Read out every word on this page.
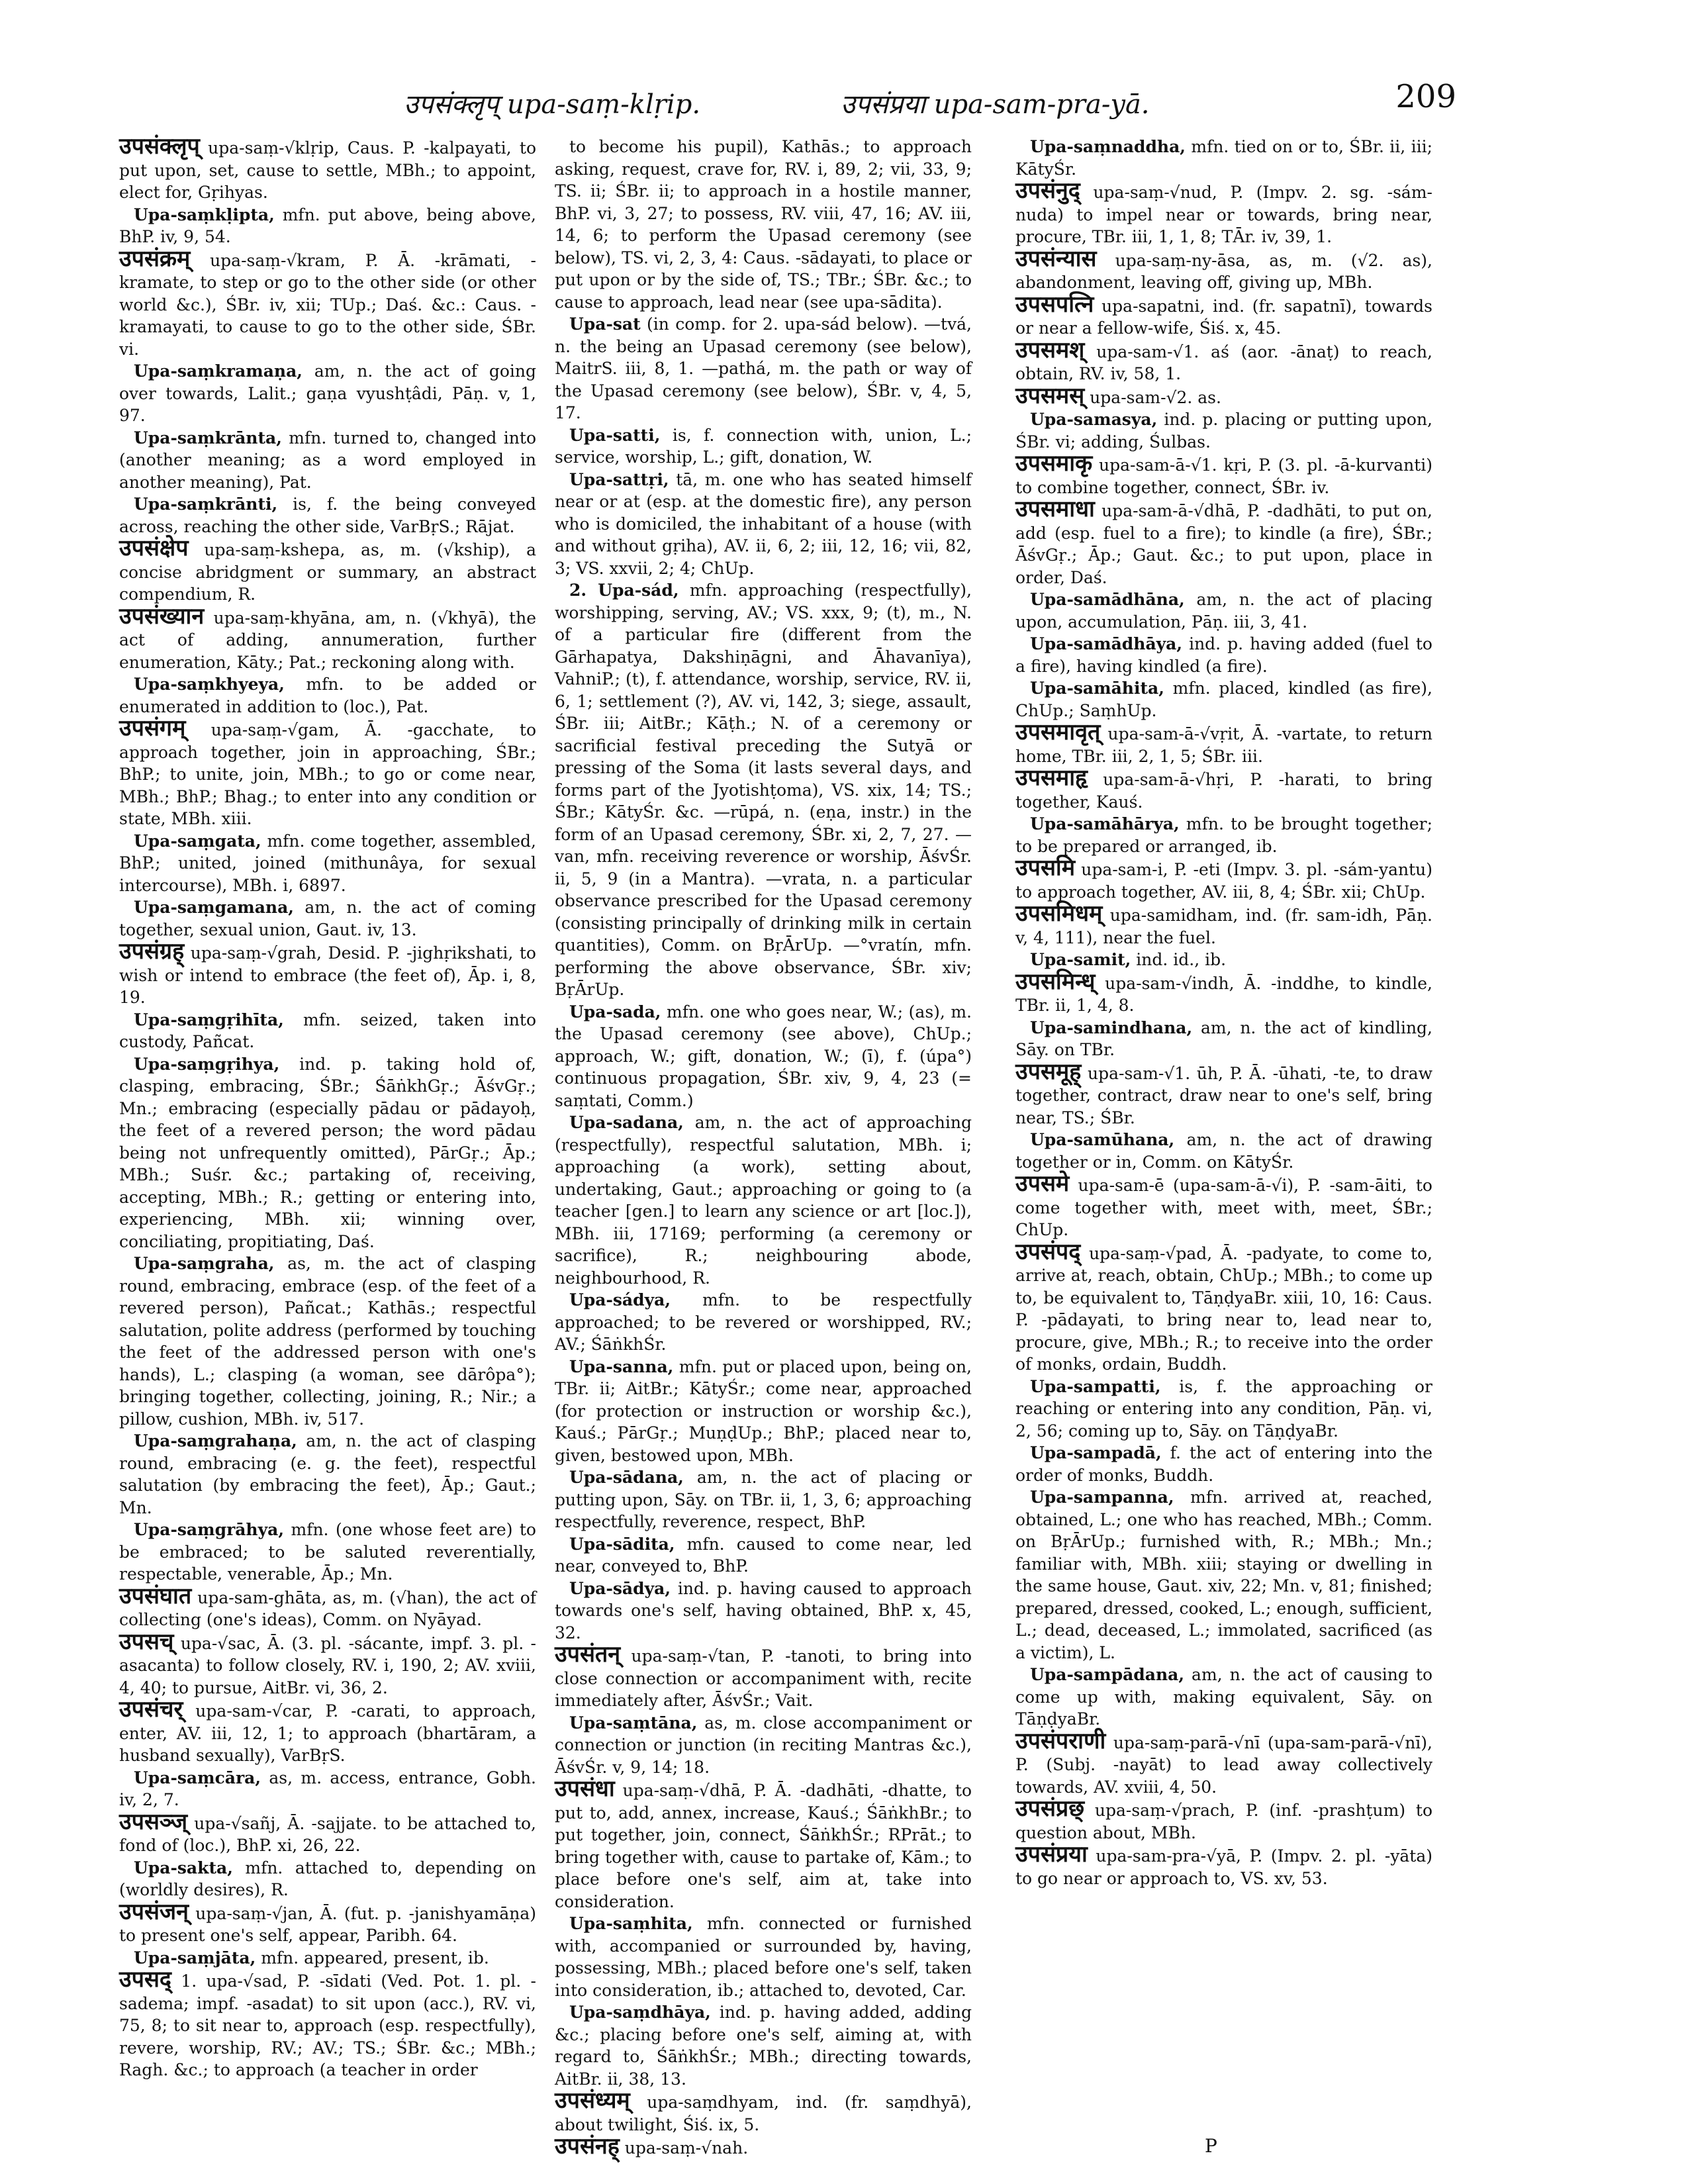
उपसंक्लृप् upa-saṃ-klṛip.	उपसंप्रया upa-sam-pra-yā.	209

उपसंक्लृप् upa-saṃ-√klṛip, Caus. P. -kalpayati, to put upon, set, cause to settle, MBh.; to appoint, elect for, Gṛihyas.

Upa-saṃkḷipta, mfn. put above, being above, BhP. iv, 9, 54.

उपसंक्रम् upa-saṃ-√kram, P. Ā. -krāmati, -kramate, to step or go to the other side (or other world &c.), ŚBr. iv, xii; TUp.; Daś. &c.: Caus. -kramayati, to cause to go to the other side, ŚBr. vi.

Upa-saṃkramaṇa, am, n. the act of going over towards, Lalit.; gaṇa vyushṭâdi, Pāṇ. v, 1, 97.

Upa-saṃkrānta, mfn. turned to, changed into (another meaning; as a word employed in another meaning), Pat.

Upa-saṃkrānti, is, f. the being conveyed across, reaching the other side, VarBṛS.; Rājat.

उपसंक्षेप upa-saṃ-kshepa, as, m. (√kship), a concise abridgment or summary, an abstract compendium, R.

उपसंख्यान upa-saṃ-khyāna, am, n. (√khyā), the act of adding, annumeration, further enumeration, Kāty.; Pat.; reckoning along with.

Upa-saṃkhyeya, mfn. to be added or enumerated in addition to (loc.), Pat.

उपसंगम् upa-saṃ-√gam, Ā. -gacchate, to approach together, join in approaching, ŚBr.; BhP.; to unite, join, MBh.; to go or come near, MBh.; BhP.; Bhag.; to enter into any condition or state, MBh. xiii.

Upa-saṃgata, mfn. come together, assembled, BhP.; united, joined (mithunâya, for sexual intercourse), MBh. i, 6897.

Upa-saṃgamana, am, n. the act of coming together, sexual union, Gaut. iv, 13.

उपसंग्रह् upa-saṃ-√grah, Desid. P. -jighṛikshati, to wish or intend to embrace (the feet of), Āp. i, 8, 19.

Upa-saṃgṛihīta, mfn. seized, taken into custody, Pañcat.

Upa-saṃgṛihya, ind. p. taking hold of, clasping, embracing, ŚBr.; ŚāṅkhGṛ.; ĀśvGṛ.; Mn.; embracing (especially pādau or pādayoḥ, the feet of a revered person; the word pādau being not unfrequently omitted), PārGṛ.; Āp.; MBh.; Suśr. &c.; partaking of, receiving, accepting, MBh.; R.; getting or entering into, experiencing, MBh. xii; winning over, conciliating, propitiating, Daś.

Upa-saṃgraha, as, m. the act of clasping round, embracing, embrace (esp. of the feet of a revered person), Pañcat.; Kathās.; respectful salutation, polite address (performed by touching the feet of the addressed person with one's hands), L.; clasping (a woman, see dārôpa°); bringing together, collecting, joining, R.; Nir.; a pillow, cushion, MBh. iv, 517.

Upa-saṃgrahaṇa, am, n. the act of clasping round, embracing (e. g. the feet), respectful salutation (by embracing the feet), Āp.; Gaut.; Mn.

Upa-saṃgrāhya, mfn. (one whose feet are) to be embraced; to be saluted reverentially, respectable, venerable, Āp.; Mn.

उपसंघात upa-sam-ghāta, as, m. (√han), the act of collecting (one's ideas), Comm. on Nyāyad.

उपसच् upa-√sac, Ā. (3. pl. -sácante, impf. 3. pl. -asacanta) to follow closely, RV. i, 190, 2; AV. xviii, 4, 40; to pursue, AitBr. vi, 36, 2.

उपसंचर् upa-sam-√car, P. -carati, to approach, enter, AV. iii, 12, 1; to approach (bhartāram, a husband sexually), VarBṛS.

Upa-saṃcāra, as, m. access, entrance, Gobh. iv, 2, 7.

उपसञ्ज् upa-√sañj, Ā. -sajjate. to be attached to, fond of (loc.), BhP. xi, 26, 22.

Upa-sakta, mfn. attached to, depending on (worldly desires), R.

उपसंजन् upa-saṃ-√jan, Ā. (fut. p. -janishyamāṇa) to present one's self, appear, Paribh. 64.

Upa-saṃjāta, mfn. appeared, present, ib.

उपसद् 1. upa-√sad, P. -sīdati (Ved. Pot. 1. pl. -sadema; impf. -asadat) to sit upon (acc.), RV. vi, 75, 8; to sit near to, approach (esp. respectfully), revere, worship, RV.; AV.; TS.; ŚBr. &c.; MBh.; Ragh. &c.; to approach (a teacher in order

to become his pupil), Kathās.; to approach asking, request, crave for, RV. i, 89, 2; vii, 33, 9; TS. ii; ŚBr. ii; to approach in a hostile manner, BhP. vi, 3, 27; to possess, RV. viii, 47, 16; AV. iii, 14, 6; to perform the Upasad ceremony (see below), TS. vi, 2, 3, 4: Caus. -sādayati, to place or put upon or by the side of, TS.; TBr.; ŚBr. &c.; to cause to approach, lead near (see upa-sādita).

Upa-sat (in comp. for 2. upa-sád below). —tvá, n. the being an Upasad ceremony (see below), MaitrS. iii, 8, 1. —pathá, m. the path or way of the Upasad ceremony (see below), ŚBr. v, 4, 5, 17.

Upa-satti, is, f. connection with, union, L.; service, worship, L.; gift, donation, W.

Upa-sattṛi, tā, m. one who has seated himself near or at (esp. at the domestic fire), any person who is domiciled, the inhabitant of a house (with and without gṛiha), AV. ii, 6, 2; iii, 12, 16; vii, 82, 3; VS. xxvii, 2; 4; ChUp.

2. Upa-sád, mfn. approaching (respectfully), worshipping, serving, AV.; VS. xxx, 9; (t), m., N. of a particular fire (different from the Gārhapatya, Dakshiṇāgni, and Āhavanīya), VahniP.; (t), f. attendance, worship, service, RV. ii, 6, 1; settlement (?), AV. vi, 142, 3; siege, assault, ŚBr. iii; AitBr.; Kāṭh.; N. of a ceremony or sacrificial festival preceding the Sutyā or pressing of the Soma (it lasts several days, and forms part of the Jyotishṭoma), VS. xix, 14; TS.; ŚBr.; KātyŚr. &c. —rūpá, n. (eṇa, instr.) in the form of an Upasad ceremony, ŚBr. xi, 2, 7, 27. —van, mfn. receiving reverence or worship, ĀśvŚr. ii, 5, 9 (in a Mantra). —vrata, n. a particular observance prescribed for the Upasad ceremony (consisting principally of drinking milk in certain quantities), Comm. on BṛĀrUp. —°vratín, mfn. performing the above observance, ŚBr. xiv; BṛĀrUp.

Upa-sada, mfn. one who goes near, W.; (as), m. the Upasad ceremony (see above), ChUp.; approach, W.; gift, donation, W.; (ī), f. (úpa°) continuous propagation, ŚBr. xiv, 9, 4, 23 (= saṃtati, Comm.)

Upa-sadana, am, n. the act of approaching (respectfully), respectful salutation, MBh. i; approaching (a work), setting about, undertaking, Gaut.; approaching or going to (a teacher [gen.] to learn any science or art [loc.]), MBh. iii, 17169; performing (a ceremony or sacrifice), R.; neighbouring abode, neighbourhood, R.

Upa-sádya, mfn. to be respectfully approached; to be revered or worshipped, RV.; AV.; ŚāṅkhŚr.

Upa-sanna, mfn. put or placed upon, being on, TBr. ii; AitBr.; KātyŚr.; come near, approached (for protection or instruction or worship &c.), Kauś.; PārGṛ.; MuṇḍUp.; BhP.; placed near to, given, bestowed upon, MBh.

Upa-sādana, am, n. the act of placing or putting upon, Sāy. on TBr. ii, 1, 3, 6; approaching respectfully, reverence, respect, BhP.

Upa-sādita, mfn. caused to come near, led near, conveyed to, BhP.

Upa-sādya, ind. p. having caused to approach towards one's self, having obtained, BhP. x, 45, 32.

उपसंतन् upa-saṃ-√tan, P. -tanoti, to bring into close connection or accompaniment with, recite immediately after, ĀśvŚr.; Vait.

Upa-saṃtāna, as, m. close accompaniment or connection or junction (in reciting Mantras &c.), ĀśvŚr. v, 9, 14; 18.

उपसंधा upa-saṃ-√dhā, P. Ā. -dadhāti, -dhatte, to put to, add, annex, increase, Kauś.; ŚāṅkhBr.; to put together, join, connect, ŚāṅkhŚr.; RPrāt.; to bring together with, cause to partake of, Kām.; to place before one's self, aim at, take into consideration.

Upa-saṃhita, mfn. connected or furnished with, accompanied or surrounded by, having, possessing, MBh.; placed before one's self, taken into consideration, ib.; attached to, devoted, Car.

Upa-saṃdhāya, ind. p. having added, adding &c.; placing before one's self, aiming at, with regard to, ŚāṅkhŚr.; MBh.; directing towards, AitBr. ii, 38, 13.

उपसंध्यम् upa-saṃdhyam, ind. (fr. saṃdhyā), about twilight, Śiś. ix, 5.

उपसंनह् upa-saṃ-√nah.

Upa-saṃnaddha, mfn. tied on or to, ŚBr. ii, iii; KātyŚr.

उपसंनुद् upa-saṃ-√nud, P. (Impv. 2. sg. -sám-nuda) to impel near or towards, bring near, procure, TBr. iii, 1, 1, 8; TĀr. iv, 39, 1.

उपसंन्यास upa-saṃ-ny-āsa, as, m. (√2. as), abandonment, leaving off, giving up, MBh.

उपसपत्नि upa-sapatni, ind. (fr. sapatnī), towards or near a fellow-wife, Śiś. x, 45.

उपसमश् upa-sam-√1. aś (aor. -ānaṭ) to reach, obtain, RV. iv, 58, 1.

उपसमस् upa-sam-√2. as.

Upa-samasya, ind. p. placing or putting upon, ŚBr. vi; adding, Śulbas.

उपसमाकृ upa-sam-ā-√1. kṛi, P. (3. pl. -ā-kurvanti) to combine together, connect, ŚBr. iv.

उपसमाधा upa-sam-ā-√dhā, P. -dadhāti, to put on, add (esp. fuel to a fire); to kindle (a fire), ŚBr.; ĀśvGṛ.; Āp.; Gaut. &c.; to put upon, place in order, Daś.

Upa-samādhāna, am, n. the act of placing upon, accumulation, Pāṇ. iii, 3, 41.

Upa-samādhāya, ind. p. having added (fuel to a fire), having kindled (a fire).

Upa-samāhita, mfn. placed, kindled (as fire), ChUp.; SaṃhUp.

उपसमावृत् upa-sam-ā-√vṛit, Ā. -vartate, to return home, TBr. iii, 2, 1, 5; ŚBr. iii.

उपसमाहृ upa-sam-ā-√hṛi, P. -harati, to bring together, Kauś.

Upa-samāhārya, mfn. to be brought together; to be prepared or arranged, ib.

उपसमि upa-sam-i, P. -eti (Impv. 3. pl. -sám-yantu) to approach together, AV. iii, 8, 4; ŚBr. xii; ChUp.

उपसमिधम् upa-samidham, ind. (fr. sam-idh, Pāṇ. v, 4, 111), near the fuel.

Upa-samit, ind. id., ib.

उपसमिन्ध् upa-sam-√indh, Ā. -inddhe, to kindle, TBr. ii, 1, 4, 8.

Upa-samindhana, am, n. the act of kindling, Sāy. on TBr.

उपसमूह् upa-sam-√1. ūh, P. Ā. -ūhati, -te, to draw together, contract, draw near to one's self, bring near, TS.; ŚBr.

Upa-samūhana, am, n. the act of drawing together or in, Comm. on KātyŚr.

उपसमे upa-sam-ē (upa-sam-ā-√i), P. -sam-āiti, to come together with, meet with, meet, ŚBr.; ChUp.

उपसंपद् upa-saṃ-√pad, Ā. -padyate, to come to, arrive at, reach, obtain, ChUp.; MBh.; to come up to, be equivalent to, TāṇḍyaBr. xiii, 10, 16: Caus. P. -pādayati, to bring near to, lead near to, procure, give, MBh.; R.; to receive into the order of monks, ordain, Buddh.

Upa-sampatti, is, f. the approaching or reaching or entering into any condition, Pāṇ. vi, 2, 56; coming up to, Sāy. on TāṇḍyaBr.

Upa-sampadā, f. the act of entering into the order of monks, Buddh.

Upa-sampanna, mfn. arrived at, reached, obtained, L.; one who has reached, MBh.; Comm. on BṛĀrUp.; furnished with, R.; MBh.; Mn.; familiar with, MBh. xiii; staying or dwelling in the same house, Gaut. xiv, 22; Mn. v, 81; finished; prepared, dressed, cooked, L.; enough, sufficient, L.; dead, deceased, L.; immolated, sacrificed (as a victim), L.

Upa-sampādana, am, n. the act of causing to come up with, making equivalent, Sāy. on TāṇḍyaBr.

उपसंपराणी upa-saṃ-parā-√nī (upa-sam-parā-√nī), P. (Subj. -nayāt) to lead away collectively towards, AV. xviii, 4, 50.

उपसंप्रछ् upa-saṃ-√prach, P. (inf. -prashṭum) to question about, MBh.

उपसंप्रया upa-sam-pra-√yā, P. (Impv. 2. pl. -yāta) to go near or approach to, VS. xv, 53.

P
